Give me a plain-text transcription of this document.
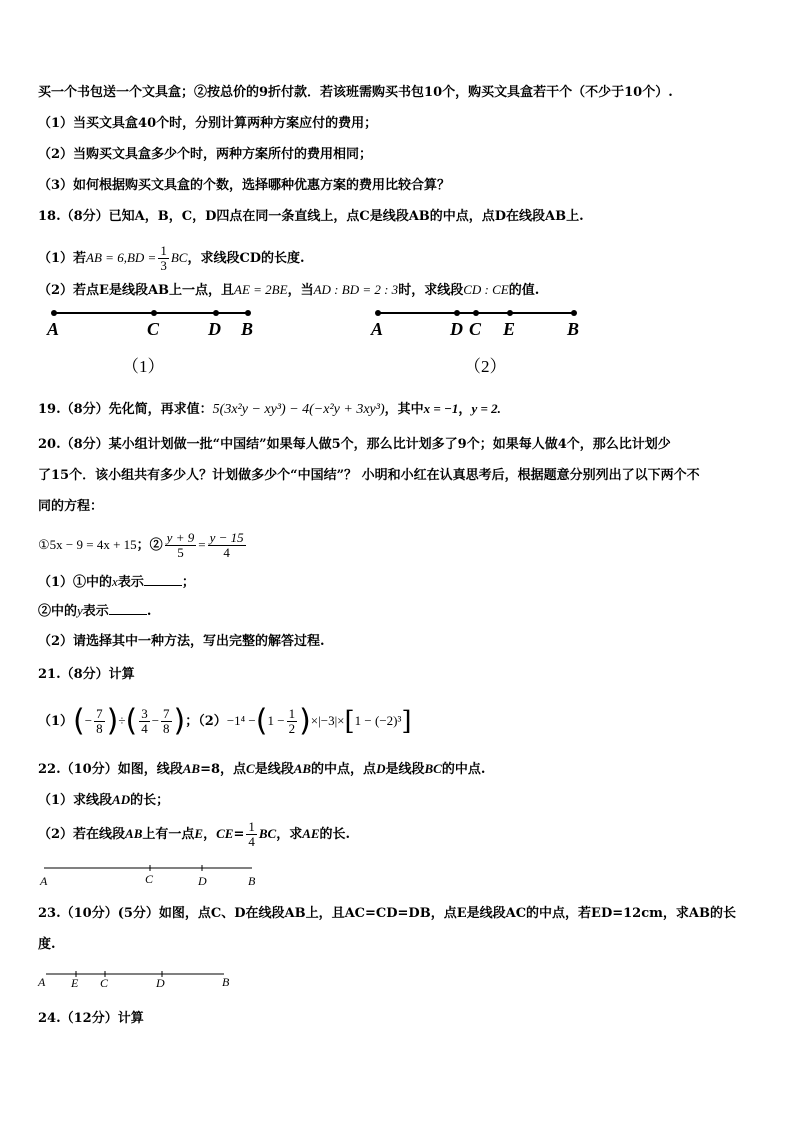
买一个书包送一个文具盒；②按总价的9折付款．若该班需购买书包10个，购买文具盒若干个（不少于10个）.
（1）当买文具盒40个时，分别计算两种方案应付的费用；
（2）当购买文具盒多少个时，两种方案所付的费用相同；
（3）如何根据购买文具盒的个数，选择哪种优惠方案的费用比较合算？
18.（8分）已知A，B，C，D四点在同一条直线上，点C是线段AB的中点，点D在线段AB上.
（1）若AB = $6,BD = \frac{1}{3}$ BC，求线段CD的长度.
（2）若点E是线段AB上一点，且AE = 2BE，当AD : BD = 2 : 3时，求线段CD : CE的值.
A	C	D B
（1）
A	D C E	B
（2）
19.（8分）先化简，再求值：5(3x²y − xy³) − 4(−x²y + 3xy³)，其中x = −1，y = 2.
20.（8分）某小组计划做一批“中国结”如果每人做5个，那么比计划多了9个；如果每人做4个，那么比计划少
了15个．该小组共有多少人？计划做多少个“中国结”？ 小明和小红在认真思考后，根据题意分别列出了以下两个不
同的方程：
①5x − 9 = 4x + 15；② $\frac{y + 9}{5} = \frac{y - 15}{4}$
（1）①中的x表示	；
②中的y表示	.
（2）请选择其中一种方法，写出完整的解答过程.
21.（8分）计算
$(1)(- \frac{7}{8}$ )÷( $\frac{3}{4} - \frac{7}{8}$ )；$(2)-1^4 -(1 - \frac{1}{2} )\times|-3|\times[1 - (-2)^3]$
22.（10分）如图，线段AB=8，点C是线段AB的中点，点D是线段BC的中点.
（1）求线段AD的长；
（2）若在线段AB上有一点E，$CE= \frac{1}{4}$ BC，求AE的长.
A	C	D	B
23.（10分）(5分）如图，点C、D在线段AB上，且AC=CD=DB，点E是线段AC的中点，若ED=12cm，求AB的长
度.
A E C	D	B
24.（12分）计算
